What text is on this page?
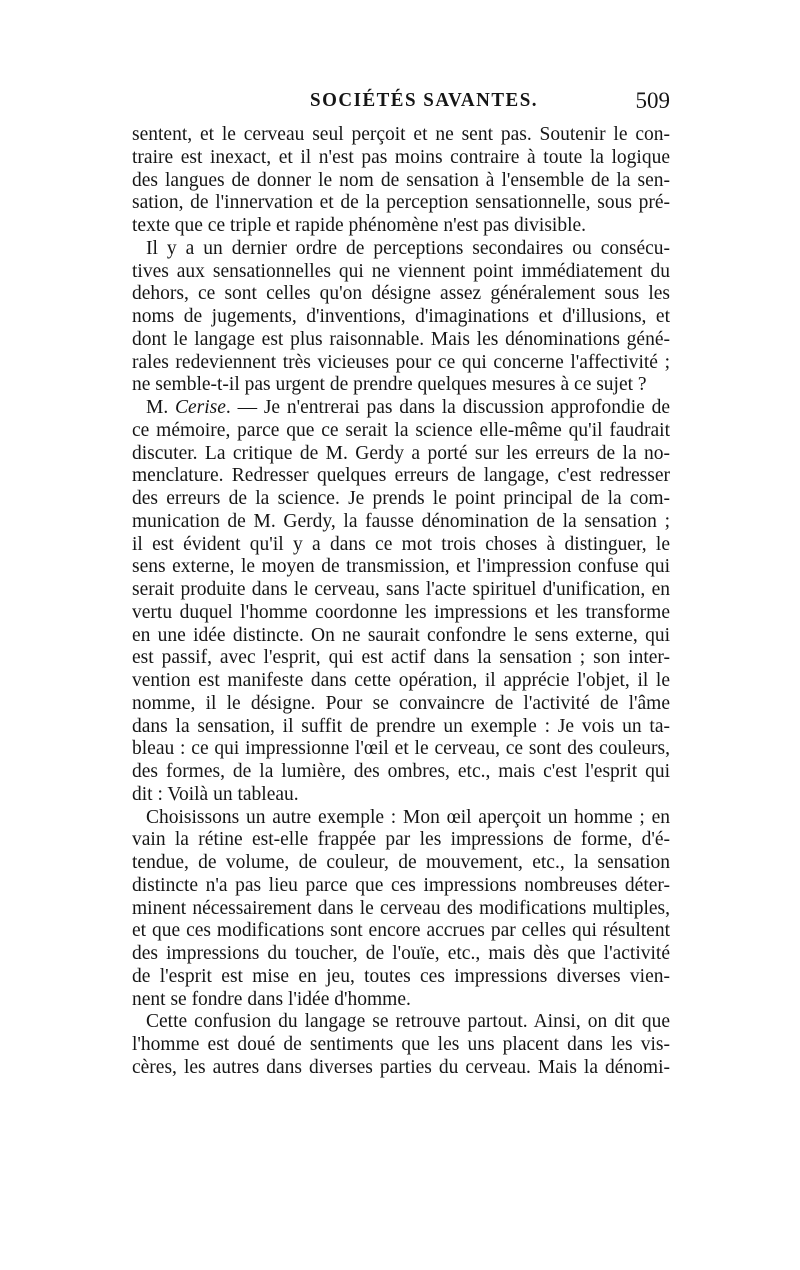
SOCIÉTÉS SAVANTES.	509
sentent, et le cerveau seul perçoit et ne sent pas. Soutenir le con-
traire est inexact, et il n'est pas moins contraire à toute la logique
des langues de donner le nom de sensation à l'ensemble de la sen-
sation, de l'innervation et de la perception sensationnelle, sous pré-
texte que ce triple et rapide phénomène n'est pas divisible.
Il y a un dernier ordre de perceptions secondaires ou consécu-
tives aux sensationnelles qui ne viennent point immédiatement du
dehors, ce sont celles qu'on désigne assez généralement sous les
noms de jugements, d'inventions, d'imaginations et d'illusions, et
dont le langage est plus raisonnable. Mais les dénominations géné-
rales redeviennent très vicieuses pour ce qui concerne l'affectivité ;
ne semble-t-il pas urgent de prendre quelques mesures à ce sujet ?
M. Cerise. — Je n'entrerai pas dans la discussion approfondie de
ce mémoire, parce que ce serait la science elle-même qu'il faudrait
discuter. La critique de M. Gerdy a porté sur les erreurs de la no-
menclature. Redresser quelques erreurs de langage, c'est redresser
des erreurs de la science. Je prends le point principal de la com-
munication de M. Gerdy, la fausse dénomination de la sensation ;
il est évident qu'il y a dans ce mot trois choses à distinguer, le
sens externe, le moyen de transmission, et l'impression confuse qui
serait produite dans le cerveau, sans l'acte spirituel d'unification, en
vertu duquel l'homme coordonne les impressions et les transforme
en une idée distincte. On ne saurait confondre le sens externe, qui
est passif, avec l'esprit, qui est actif dans la sensation ; son inter-
vention est manifeste dans cette opération, il apprécie l'objet, il le
nomme, il le désigne. Pour se convaincre de l'activité de l'âme
dans la sensation, il suffit de prendre un exemple : Je vois un ta-
bleau : ce qui impressionne l'œil et le cerveau, ce sont des couleurs,
des formes, de la lumière, des ombres, etc., mais c'est l'esprit qui
dit : Voilà un tableau.
Choisissons un autre exemple : Mon œil aperçoit un homme ; en
vain la rétine est-elle frappée par les impressions de forme, d'é-
tendue, de volume, de couleur, de mouvement, etc., la sensation
distincte n'a pas lieu parce que ces impressions nombreuses déter-
minent nécessairement dans le cerveau des modifications multiples,
et que ces modifications sont encore accrues par celles qui résultent
des impressions du toucher, de l'ouïe, etc., mais dès que l'activité
de l'esprit est mise en jeu, toutes ces impressions diverses vien-
nent se fondre dans l'idée d'homme.
Cette confusion du langage se retrouve partout. Ainsi, on dit que
l'homme est doué de sentiments que les uns placent dans les vis-
cères, les autres dans diverses parties du cerveau. Mais la dénomi-
